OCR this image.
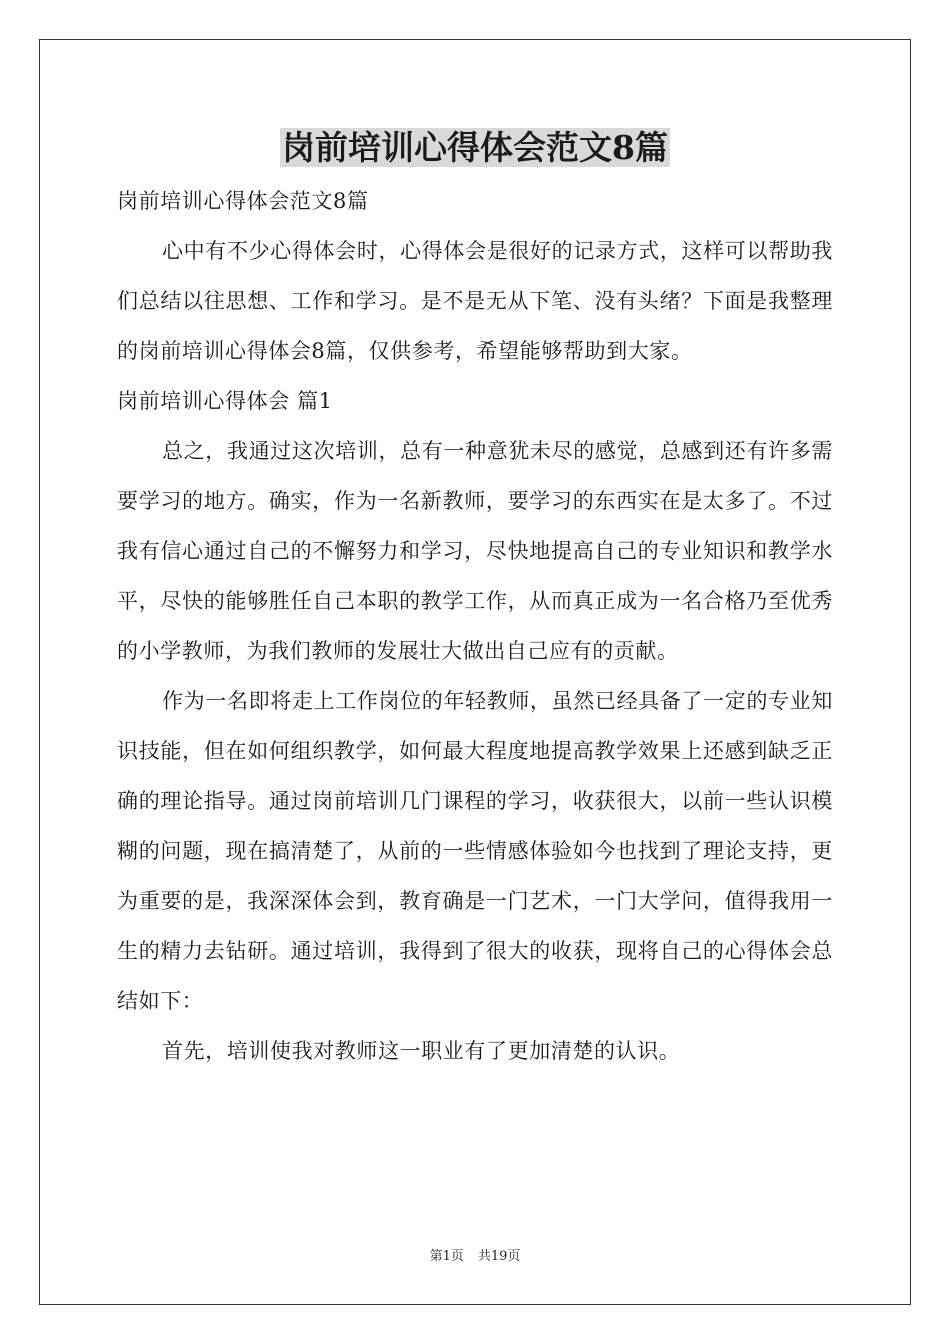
岗前培训心得体会范文8篇

岗前培训心得体会范文8篇

心中有不少心得体会时，心得体会是很好的记录方式，这样可以帮助我们总结以往思想、工作和学习。是不是无从下笔、没有头绪？下面是我整理的岗前培训心得体会8篇，仅供参考，希望能够帮助到大家。

岗前培训心得体会 篇1

总之，我通过这次培训，总有一种意犹未尽的感觉，总感到还有许多需要学习的地方。确实，作为一名新教师，要学习的东西实在是太多了。不过我有信心通过自己的不懈努力和学习，尽快地提高自己的专业知识和教学水平，尽快的能够胜任自己本职的教学工作，从而真正成为一名合格乃至优秀的小学教师，为我们教师的发展壮大做出自己应有的贡献。

作为一名即将走上工作岗位的年轻教师，虽然已经具备了一定的专业知识技能，但在如何组织教学，如何最大程度地提高教学效果上还感到缺乏正确的理论指导。通过岗前培训几门课程的学习，收获很大，以前一些认识模糊的问题，现在搞清楚了，从前的一些情感体验如今也找到了理论支持，更为重要的是，我深深体会到，教育确是一门艺术，一门大学问，值得我用一生的精力去钻研。通过培训，我得到了很大的收获，现将自己的心得体会总结如下：

首先，培训使我对教师这一职业有了更加清楚的认识。

第1页 共19页
